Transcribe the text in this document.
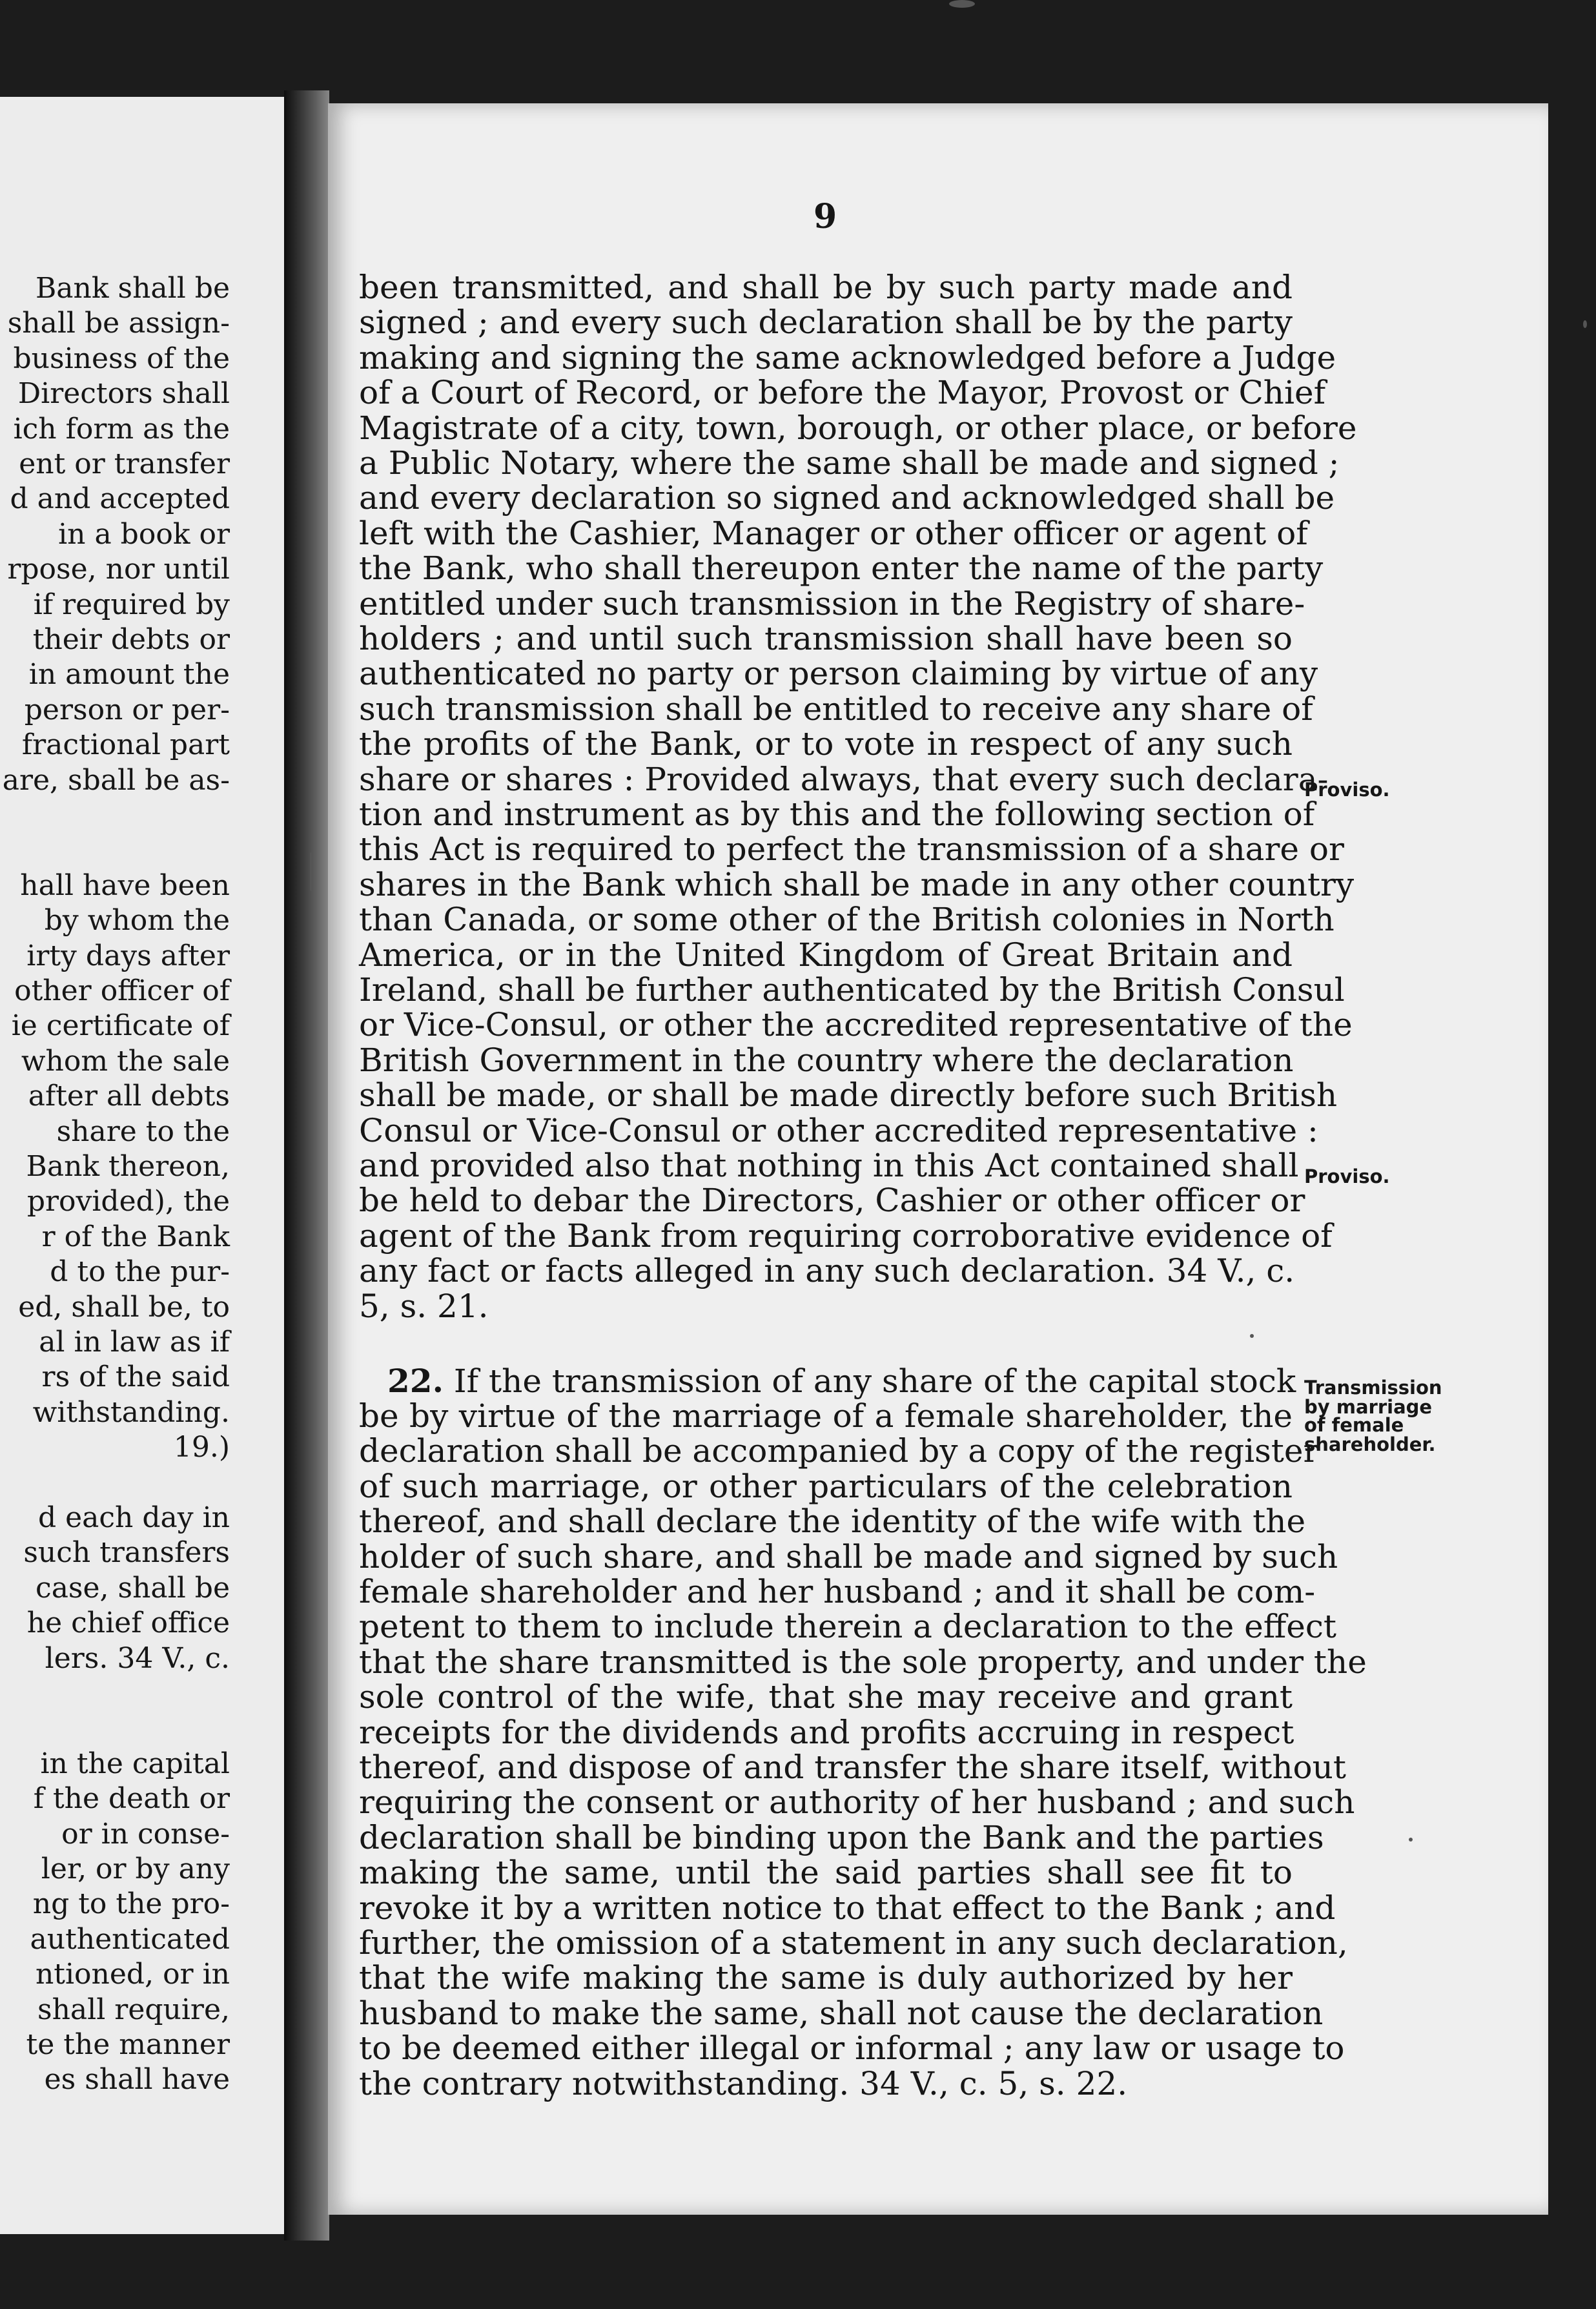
Bank shall be
shall be assign-
business of the
Directors shall
ich form as the
ent or transfer
d and accepted
in a book or
rpose, nor until
if required by
their debts or
in amount the
person or per-
fractional part
are, sball be as-
hall have been
by whom the
irty days after
other officer of
ie certificate of
whom the sale
after all debts
share to the
Bank thereon,
provided), the
r of the Bank
d to the pur-
ed, shall be, to
al in law as if
rs of the said
withstanding.
19.)
d each day in
such transfers
case, shall be
he chief office
lers. 34 V., c.
in the capital
f the death or
or in conse-
ler, or by any
ng to the pro-
authenticated
ntioned, or in
shall require,
te the manner
es shall have
9
been transmitted, and shall be by such party made and
signed ; and every such declaration shall be by the party
making and signing the same acknowledged before a Judge
of a Court of Record, or before the Mayor, Provost or Chief
Magistrate of a city, town, borough, or other place, or before
a Public Notary, where the same shall be made and signed ;
and every declaration so signed and acknowledged shall be
left with the Cashier, Manager or other officer or agent of
the Bank, who shall thereupon enter the name of the party
entitled under such transmission in the Registry of share-
holders ; and until such transmission shall have been so
authenticated no party or person claiming by virtue of any
such transmission shall be entitled to receive any share of
the profits of the Bank, or to vote in respect of any such
share or shares : Provided always, that every such declara-
tion and instrument as by this and the following section of
this Act is required to perfect the transmission of a share or
shares in the Bank which shall be made in any other country
than Canada, or some other of the British colonies in North
America, or in the United Kingdom of Great Britain and
Ireland, shall be further authenticated by the British Consul
or Vice-Consul, or other the accredited representative of the
British Government in the country where the declaration
shall be made, or shall be made directly before such British
Consul or Vice-Consul or other accredited representative :
and provided also that nothing in this Act contained shall
be held to debar the Directors, Cashier or other officer or
agent of the Bank from requiring corroborative evidence of
any fact or facts alleged in any such declaration. 34 V., c.
5, s. 21.
22. If the transmission of any share of the capital stock
be by virtue of the marriage of a female shareholder, the
declaration shall be accompanied by a copy of the register
of such marriage, or other particulars of the celebration
thereof, and shall declare the identity of the wife with the
holder of such share, and shall be made and signed by such
female shareholder and her husband ; and it shall be com-
petent to them to include therein a declaration to the effect
that the share transmitted is the sole property, and under the
sole control of the wife, that she may receive and grant
receipts for the dividends and profits accruing in respect
thereof, and dispose of and transfer the share itself, without
requiring the consent or authority of her husband ; and such
declaration shall be binding upon the Bank and the parties
making the same, until the said parties shall see fit to
revoke it by a written notice to that effect to the Bank ; and
further, the omission of a statement in any such declaration,
that the wife making the same is duly authorized by her
husband to make the same, shall not cause the declaration
to be deemed either illegal or informal ; any law or usage to
the contrary notwithstanding. 34 V., c. 5, s. 22.
Proviso.
Proviso.
Transmission
by marriage
of female
shareholder.
